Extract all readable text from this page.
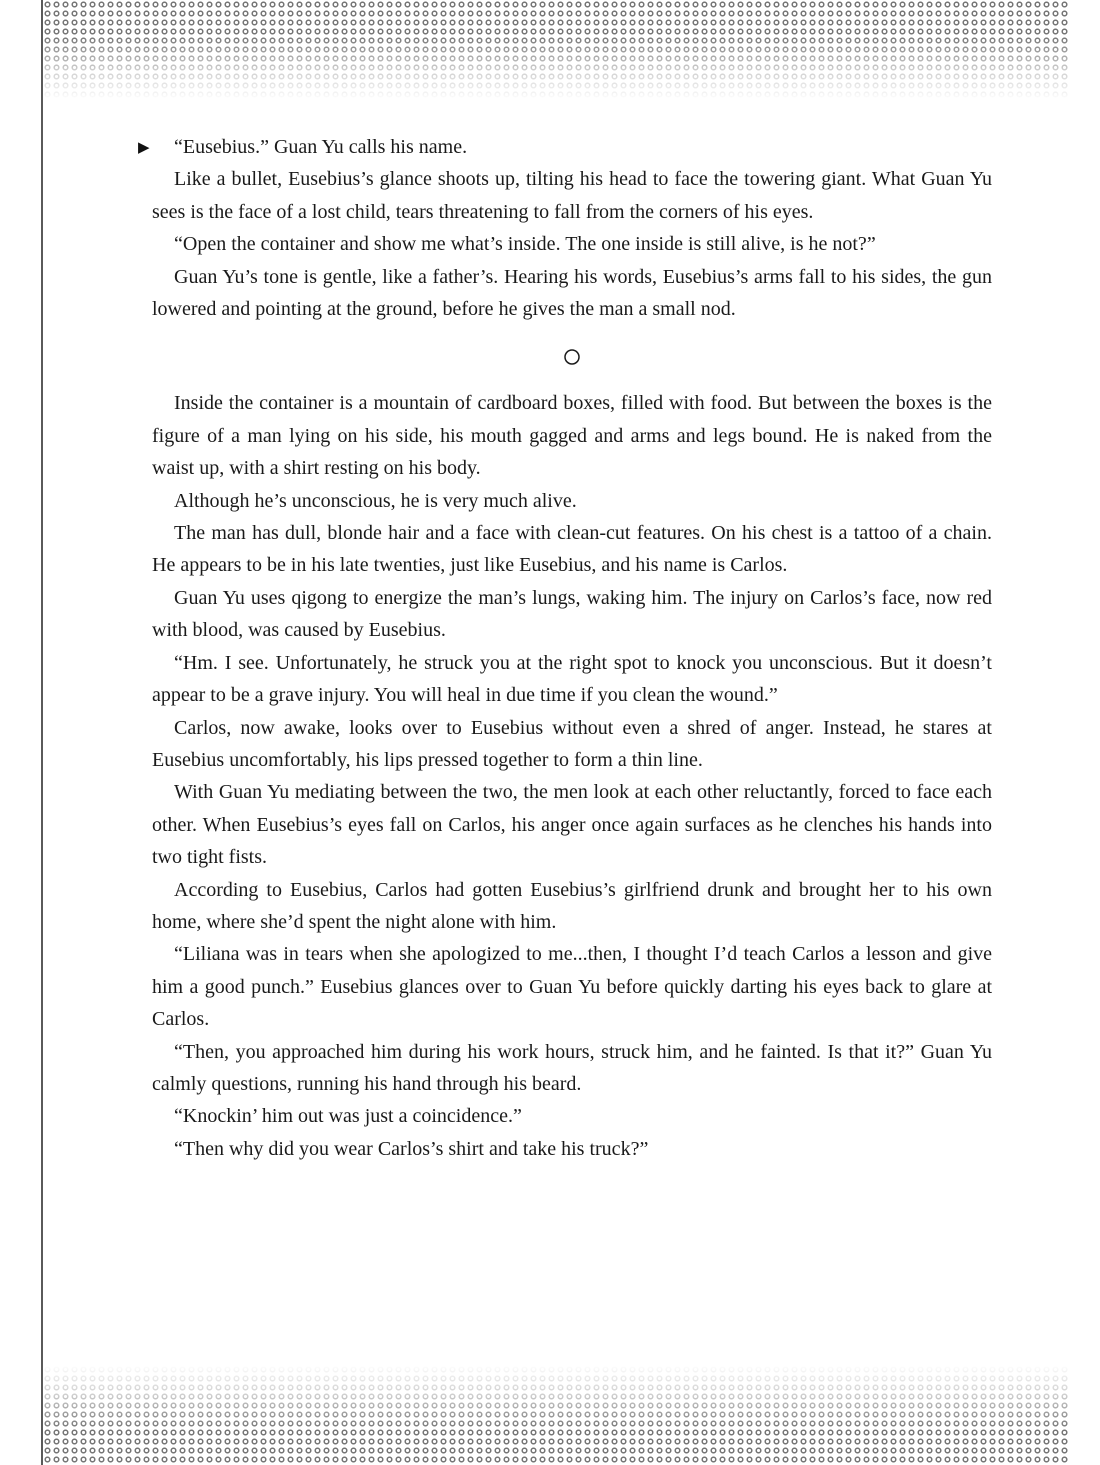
▶ “Eusebius.” Guan Yu calls his name.

Like a bullet, Eusebius’s glance shoots up, tilting his head to face the towering giant. What Guan Yu sees is the face of a lost child, tears threatening to fall from the corners of his eyes.

“Open the container and show me what’s inside. The one inside is still alive, is he not?”

Guan Yu’s tone is gentle, like a father’s. Hearing his words, Eusebius’s arms fall to his sides, the gun lowered and pointing at the ground, before he gives the man a small nod.

Inside the container is a mountain of cardboard boxes, filled with food. But between the boxes is the figure of a man lying on his side, his mouth gagged and arms and legs bound. He is naked from the waist up, with a shirt resting on his body.

Although he’s unconscious, he is very much alive.

The man has dull, blonde hair and a face with clean-cut features. On his chest is a tattoo of a chain. He appears to be in his late twenties, just like Eusebius, and his name is Carlos.

Guan Yu uses qigong to energize the man’s lungs, waking him. The injury on Carlos’s face, now red with blood, was caused by Eusebius.

“Hm. I see. Unfortunately, he struck you at the right spot to knock you unconscious. But it doesn’t appear to be a grave injury. You will heal in due time if you clean the wound.”

Carlos, now awake, looks over to Eusebius without even a shred of anger. Instead, he stares at Eusebius uncomfortably, his lips pressed together to form a thin line.

With Guan Yu mediating between the two, the men look at each other reluctantly, forced to face each other. When Eusebius’s eyes fall on Carlos, his anger once again surfaces as he clenches his hands into two tight fists.

According to Eusebius, Carlos had gotten Eusebius’s girlfriend drunk and brought her to his own home, where she’d spent the night alone with him.

“Liliana was in tears when she apologized to me...then, I thought I’d teach Carlos a lesson and give him a good punch.” Eusebius glances over to Guan Yu before quickly darting his eyes back to glare at Carlos.

“Then, you approached him during his work hours, struck him, and he fainted. Is that it?” Guan Yu calmly questions, running his hand through his beard.

“Knockin’ him out was just a coincidence.”

“Then why did you wear Carlos’s shirt and take his truck?”
